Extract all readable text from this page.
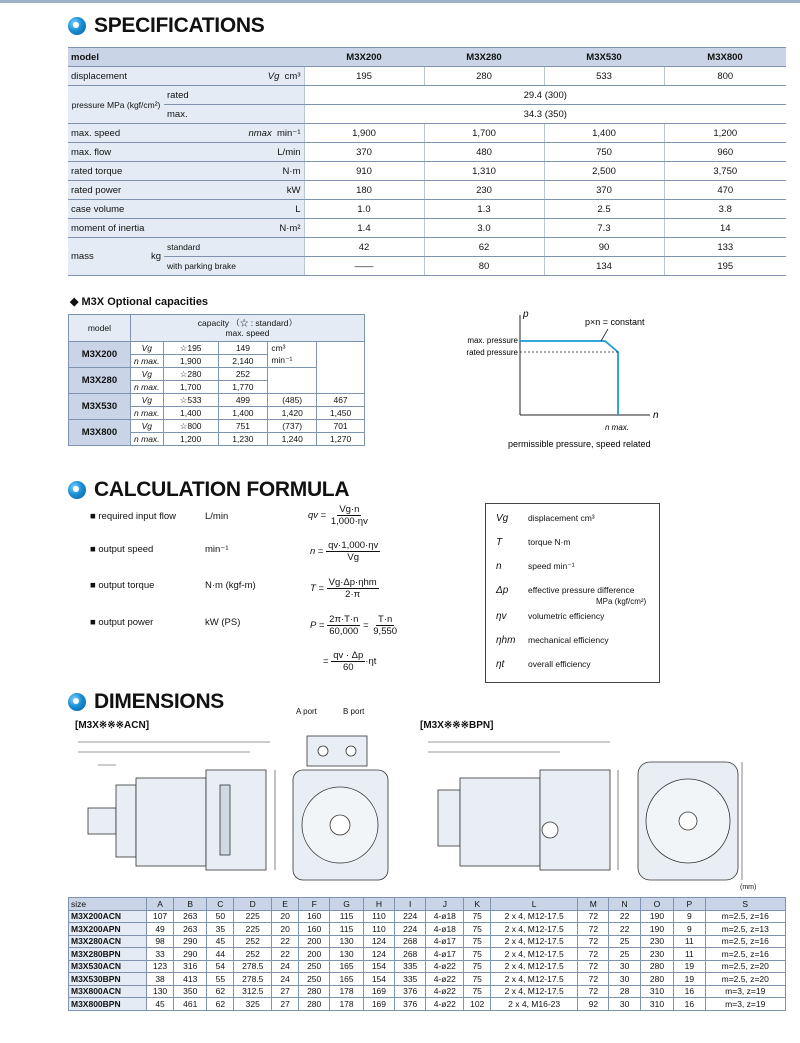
SPECIFICATIONS
model		M3X200	M3X280	M3X530	M3X800
displacement	Vg cm³	195	280	533	800
pressure MPa (kgf/cm²)	rated	29.4 (300)			
	max.	34.3 (350)			
max. speed	nmax min⁻¹	1,900	1,700	1,400	1,200
max. flow	L/min	370	480	750	960
rated torque	N·m	910	1,310	2,500	3,750
rated power	kW	180	230	370	470
case volume	L	1.0	1.3	2.5	3.8
moment of inertia	N·m²	1.4	3.0	7.3	14
mass kg	standard	42	62	90	133
	with parking brake	——	80	134	195
◆ M3X Optional capacities
model	capacity （☆ : standard）
max. speed				
M3X200	Vg	☆195	149	cm³	
	n max.	1,900	2,140	min⁻¹	
M3X280	Vg	☆280	252		
	n max.	1,700	1,770		
M3X530	Vg	☆533	499	(485)	467
	n max.	1,400	1,400	1,420	1,450
M3X800	Vg	☆800	751	(737)	701
	n max.	1,200	1,230	1,240	1,270
p
n
max. pressure
rated pressure
p×n = constant
n max.
permissible pressure, speed related
CALCULATION FORMULA
■ required input flow	L/min	qv = $\frac{Vg\cdot n}{1,000\cdot\eta v}$
■ output speed	min⁻¹	$n = \frac{qv\cdot 1,000\cdot\eta v}{Vg}$
■ output torque	N·m (kgf-m)	$T = \frac{\text{Vg·Δp·ηhm}}{2\cdot\pi}$
■ output power	kW (PS)	$P = \frac{2\pi\cdot T\cdot n}{60,000} = \frac{T\cdot n}{9,550}$
= $\frac{qv \cdot \Delta p}{60} \cdot\eta t$
Vg displacement cm³
T	torque N·m
n	speed min⁻¹
Δp effective pressure difference
MPa (kgf/cm²)
ηv	volumetric efficiency
ηhm mechanical efficiency
ηt	overall efficiency
DIMENSIONS
[M3X※※※ACN]	[M3X※※※BPN]
A port	B port
(mm)
size	A	B	C	D	E	F	G	H	I	J	K	L	M	N	O	P	S
M3X200ACN	107	263	50	225	20	160	115	110	224	4-ø18	75	2 x 4, M12-17.5	72	22	190	9	m=2.5, z=16
M3X200APN	49	263	35	225	20	160	115	110	224	4-ø18	75	2 x 4, M12-17.5	72	22	190	9	m=2.5, z=13
M3X280ACN	98	290	45	252	22	200	130	124	268	4-ø17	75	2 x 4, M12-17.5	72	25	230	11	m=2.5, z=16
M3X280BPN	33	290	44	252	22	200	130	124	268	4-ø17	75	2 x 4, M12-17.5	72	25	230	11	m=2.5, z=16
M3X530ACN	123	316	54	278.5	24	250	165	154	335	4-ø22	75	2 x 4, M12-17.5	72	30	280	19	m=2.5, z=20
M3X530BPN	38	413	55	278.5	24	250	165	154	335	4-ø22	75	2 x 4, M12-17.5	72	30	280	19	m=2.5, z=20
M3X800ACN	130	350	62	312.5	27	280	178	169	376	4-ø22	75	2 x 4, M12-17.5	72	28	310	16	m=3, z=19
M3X800BPN	45	461	62	325	27	280	178	169	376	4-ø22	102	2 x 4, M16-23	92	30	310	16	m=3, z=19
